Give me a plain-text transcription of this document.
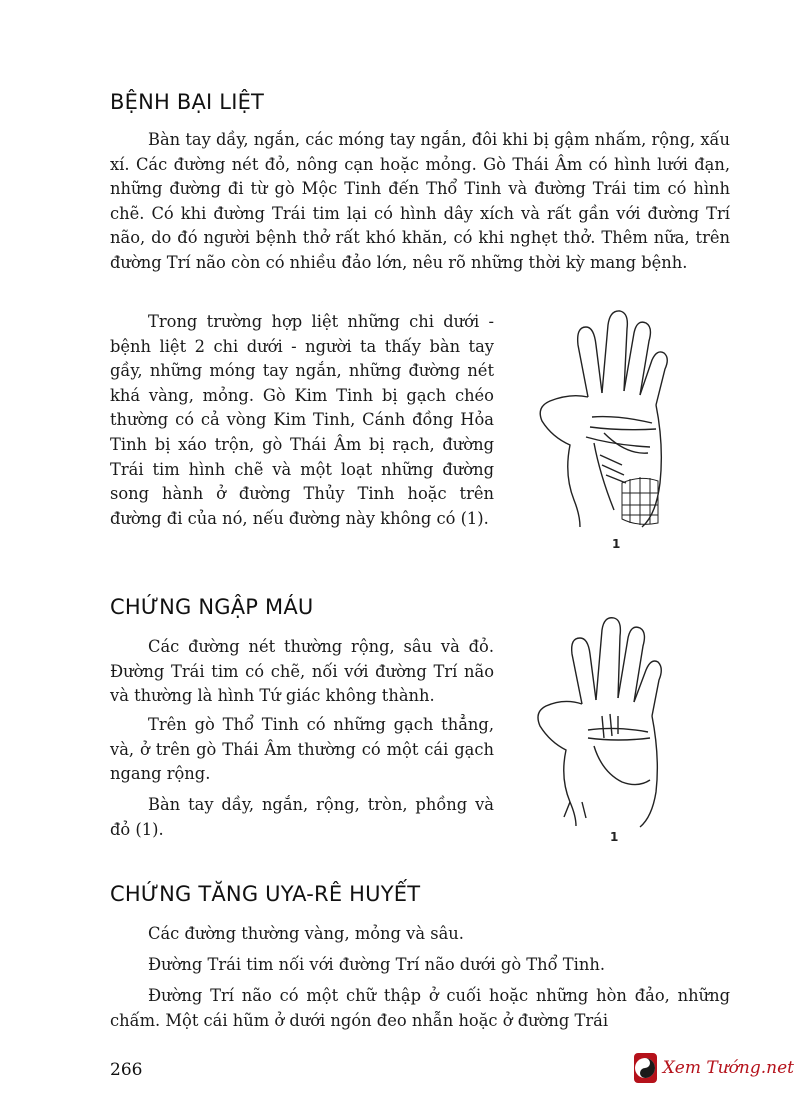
BỆNH BẠI LIỆT

Bàn tay dầy, ngắn, các móng tay ngắn, đôi khi bị gậm nhấm, rộng, xấu xí. Các đường nét đỏ, nông cạn hoặc mỏng. Gò Thái Âm có hình lưới đạn, những đường đi từ gò Mộc Tinh đến Thổ Tinh và đường Trái tim có hình chẽ. Có khi đường Trái tim lại có hình dây xích và rất gần với đường Trí não, do đó người bệnh thở rất khó khăn, có khi nghẹt thở. Thêm nữa, trên đường Trí não còn có nhiều đảo lớn, nêu rõ những thời kỳ mang bệnh.

Trong trường hợp liệt những chi dưới - bệnh liệt 2 chi dưới - người ta thấy bàn tay gầy, những móng tay ngắn, những đường nét khá vàng, mỏng. Gò Kim Tinh bị gạch chéo thường có cả vòng Kim Tinh, Cánh đồng Hỏa Tinh bị xáo trộn, gò Thái Âm bị rạch, đường Trái tim hình chẽ và một loạt những đường song hành ở đường Thủy Tinh hoặc trên đường đi của nó, nếu đường này không có (1).

1
CHỨNG NGẬP MÁU

Các đường nét thường rộng, sâu và đỏ. Đường Trái tim có chẽ, nối với đường Trí não và thường là hình Tứ giác không thành.

Trên gò Thổ Tinh có những gạch thẳng, và, ở trên gò Thái Âm thường có một cái gạch ngang rộng.

Bàn tay dầy, ngắn, rộng, tròn, phồng và đỏ (1).	1
CHỨNG TĂNG UYA-RÊ HUYẾT

Các đường thường vàng, mỏng và sâu.

Đường Trái tim nối với đường Trí não dưới gò Thổ Tinh.

Đường Trí não có một chữ thập ở cuối hoặc những hòn đảo, những chấm. Một cái hũm ở dưới ngón đeo nhẫn hoặc ở đường Trái

266	Xem Tướng.net
